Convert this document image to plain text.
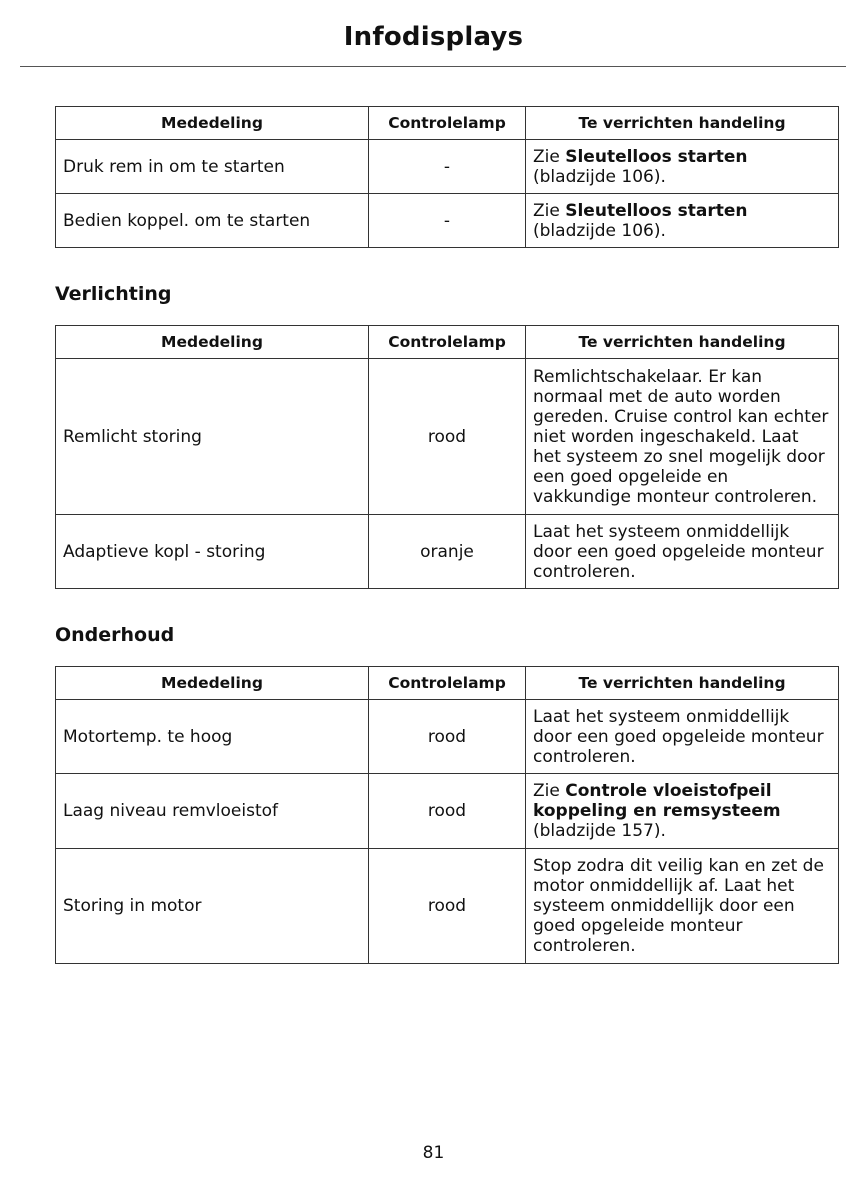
Infodisplays
Mededeling	Controlelamp	Te verrichten handeling
Druk rem in om te starten	-	Zie Sleutelloos starten (bladzijde 106).
Bedien koppel. om te starten	-	Zie Sleutelloos starten (bladzijde 106).
Verlichting
Mededeling	Controlelamp	Te verrichten handeling
Remlicht storing	rood	Remlichtschakelaar. Er kan normaal met de auto worden gereden. Cruise control kan echter niet worden ingeschakeld. Laat het systeem zo snel mogelijk door een goed opgeleide en vakkundige monteur controleren.
Adaptieve kopl - storing	oranje	Laat het systeem onmiddellijk door een goed opgeleide monteur controleren.
Onderhoud
Mededeling	Controlelamp	Te verrichten handeling
Motortemp. te hoog	rood	Laat het systeem onmiddellijk door een goed opgeleide monteur controleren.
Laag niveau remvloeistof	rood	Zie Controle vloeistofpeil koppeling en remsysteem (bladzijde 157).
Storing in motor	rood	Stop zodra dit veilig kan en zet de motor onmiddellijk af. Laat het systeem onmiddellijk door een goed opgeleide monteur controleren.
81
